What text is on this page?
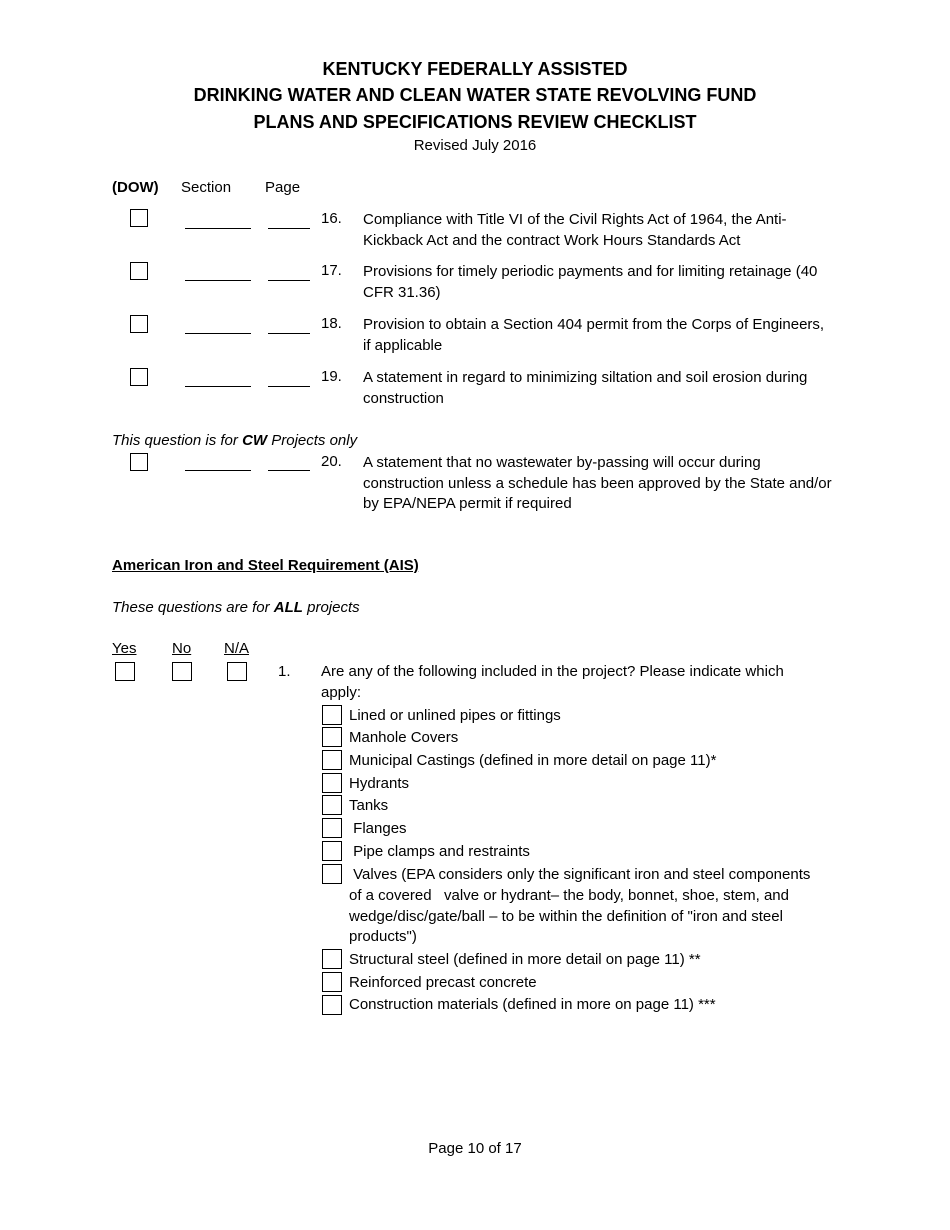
KENTUCKY FEDERALLY ASSISTED
DRINKING WATER AND CLEAN WATER STATE REVOLVING FUND
PLANS AND SPECIFICATIONS REVIEW CHECKLIST
Revised July 2016
(DOW) Section Page
16. Compliance with Title VI of the Civil Rights Act of 1964, the Anti-
Kickback Act and the contract Work Hours Standards Act
17. Provisions for timely periodic payments and for limiting retainage (40
CFR 31.36)
18. Provision to obtain a Section 404 permit from the Corps of Engineers,
if applicable
19. A statement in regard to minimizing siltation and soil erosion during
construction
This question is for CW Projects only
20. A statement that no wastewater by-passing will occur during
construction unless a schedule has been approved by the State and/or
by EPA/NEPA permit if required
American Iron and Steel Requirement (AIS)
These questions are for ALL projects
Yes No N/A
1. Are any of the following included in the project? Please indicate which
apply:
Lined or unlined pipes or fittings
Manhole Covers
Municipal Castings (defined in more detail on page 11)*
Hydrants
Tanks
Flanges
Pipe clamps and restraints
Valves (EPA considers only the significant iron and steel components
of a covered   valve or hydrant– the body, bonnet, shoe, stem, and
wedge/disc/gate/ball – to be within the definition of "iron and steel
products")
Structural steel (defined in more detail on page 11) **
Reinforced precast concrete
Construction materials (defined in more on page 11) ***
Page 10 of 17
